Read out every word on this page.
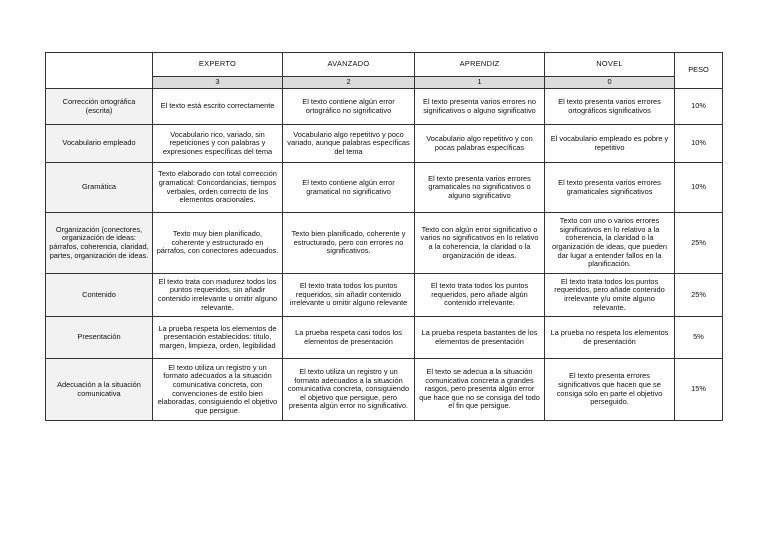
	EXPERTO	AVANZADO	APRENDIZ	NOVEL	PESO
	3	2	1	0	
Corrección ortográfica (escrita)	El texto está escrito correctamente	El texto contiene algún error ortográfico no significativo	El texto presenta varios errores no significativos o alguno significativo	El texto presenta varios errores ortográficos significativos	10%
Vocabulario empleado	Vocabulario rico, variado, sin repeticiones y con palabras y expresiones específicas del tema	Vocabulario algo repetitivo y poco variado, aunque palabras específicas del tema	Vocabulario algo repetitivo y con pocas palabras específicas	El vocabulario empleado es pobre y repetitivo	10%
Gramática	Texto elaborado con total corrección gramatical: Concordancias, tiempos verbales, orden correcto de los elementos oracionales.	El texto contiene algún error gramatical no significativo	El texto presenta varios errores gramaticales no significativos o alguno significativo	El texto presenta varios errores gramaticales significativos	10%
Organización (conectores, organización de ideas: párrafos, coherencia, claridad, partes, organización de ideas.	Texto muy bien planificado, coherente y estructurado en párrafos, con conectores adecuados.	Texto bien planificado, coherente y estructurado, pero con errores no significativos.	Texto con algún error significativo o varios no significativos en lo relativo a la coherencia, la claridad o la organización de ideas.	Texto con uno o varios errores significativos en lo relativo a la coherencia, la claridad o la organización de ideas, que pueden dar lugar a entender fallos en la planificación.	25%
Contenido	El texto trata con madurez todos los puntos requeridos, sin añadir contenido irrelevante u omitir alguno relevante.	El texto trata todos los puntos requeridos, sin añadir contenido irrelevante u omitir alguno relevante	El texto trata todos los puntos requeridos, pero añade algún contenido irrelevante.	El texto trata todos los puntos requeridos, pero añade contenido irrelevante y/u omite alguno relevante.	25%
Presentación	La prueba respeta los elementos de presentación establecidos: título, margen, limpieza, orden, legibilidad	La prueba respeta casi todos los elementos de presentación	La prueba respeta bastantes de los elementos de presentación	La prueba no respeta los elementos de presentación	5%
Adecuación a la situación comunicativa	El texto utiliza un registro y un formato adecuados a la situación comunicativa concreta, con convenciones de estilo bien elaboradas, consiguiendo el objetivo que persigue.	El texto utiliza un registro y un formato adecuados a la situación comunicativa concreta, consiguiendo el objetivo que persigue, pero presenta algún error no significativo.	El texto se adecua a la situación comunicativa concreta a grandes rasgos, pero presenta algún error que hace que no se consiga del todo el fin que persigue.	El texto presenta errores significativos que hacen que se consiga sólo en parte el objetivo perseguido.	15%
